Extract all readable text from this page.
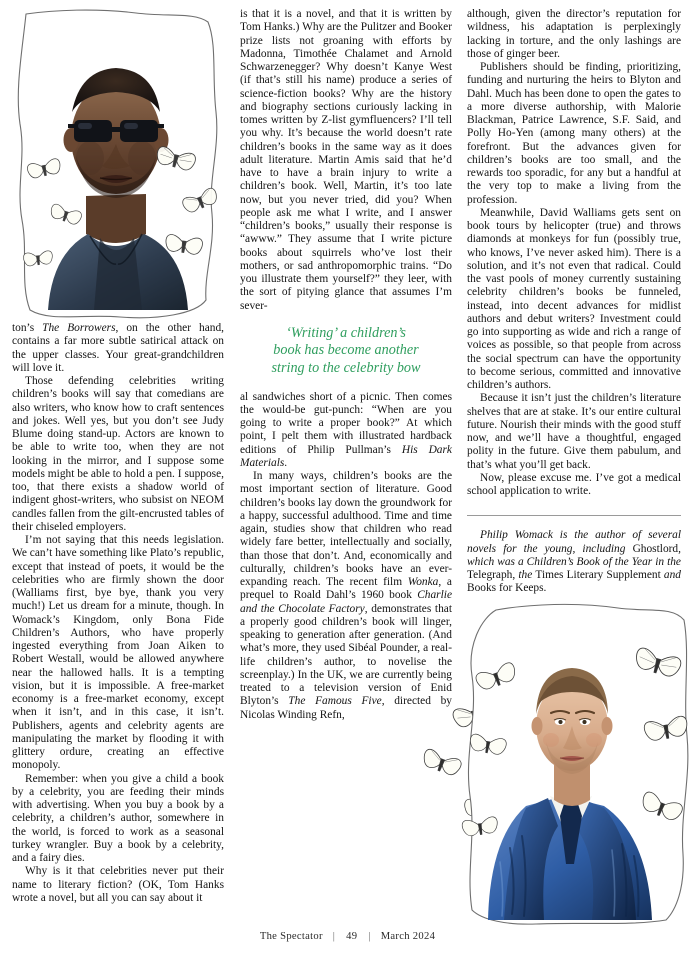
ton’s The Borrowers, on the other hand, contains a far more subtle satirical attack on the upper classes. Your great-grandchildren will love it.

Those defending celebrities writing children’s books will say that comedians are also writers, who know how to craft sentences and jokes. Well yes, but you don’t see Judy Blume doing stand-up. Actors are known to be able to write too, when they are not looking in the mirror, and I suppose some models might be able to hold a pen. I suppose, too, that there exists a shadow world of indigent ghost-writers, who subsist on NEOM candles fallen from the gilt-encrusted tables of their chiseled employers.

I’m not saying that this needs legislation. We can’t have something like Plato’s republic, except that instead of poets, it would be the celebrities who are firmly shown the door (Walliams first, bye bye, thank you very much!) Let us dream for a minute, though. In Womack’s Kingdom, only Bona Fide Children’s Authors, who have properly ingested everything from Joan Aiken to Robert Westall, would be allowed anywhere near the hallowed halls. It is a tempting vision, but it is impossible. A free-market economy is a free-market economy, except when it isn’t, and in this case, it isn’t. Publishers, agents and celebrity agents are manipulating the market by flooding it with glittery ordure, creating an effective monopoly.

Remember: when you give a child a book by a celebrity, you are feeding their minds with advertising. When you buy a book by a celebrity, a children’s author, somewhere in the world, is forced to work as a seasonal turkey wrangler. Buy a book by a celebrity, and a fairy dies.

Why is it that celebrities never put their name to literary fiction? (OK, Tom Hanks wrote a novel, but all you can say about it

is that it is a novel, and that it is written by Tom Hanks.) Why are the Pulitzer and Booker prize lists not groaning with efforts by Madonna, Timothée Chalamet and Arnold Schwarzenegger? Why doesn’t Kanye West (if that’s still his name) produce a series of science-fiction books? Why are the history and biography sections curiously lacking in tomes written by Z-list gymfluencers? I’ll tell you why. It’s because the world doesn’t rate children’s books in the same way as it does adult literature. Martin Amis said that he’d have to have a brain injury to write a children’s book. Well, Martin, it’s too late now, but you never tried, did you? When people ask me what I write, and I answer “children’s books,” usually their response is “awww.” They assume that I write picture books about squirrels who’ve lost their mothers, or sad anthropomorphic trains. “Do you illustrate them yourself?” they leer, with the sort of pitying glance that assumes I’m sever-

‘Writing’ a children’s
book has become another
string to the celebrity bow

al sandwiches short of a picnic. Then comes the would-be gut-punch: “When are you going to write a proper book?” At which point, I pelt them with illustrated hardback editions of Philip Pullman’s His Dark Materials.

In many ways, children’s books are the most important section of literature. Good children’s books lay down the groundwork for a happy, successful adulthood. Time and time again, studies show that children who read widely fare better, intellectually and socially, than those that don’t. And, economically and culturally, children’s books have an ever-expanding reach. The recent film Wonka, a prequel to Roald Dahl’s 1960 book Charlie and the Chocolate Factory, demonstrates that a properly good children’s book will linger, speaking to generation after generation. (And what’s more, they used Sibéal Pounder, a real-life children’s author, to novelise the screenplay.) In the UK, we are currently being treated to a television version of Enid Blyton’s The Famous Five, directed by Nicolas Winding Refn,

although, given the director’s reputation for wildness, his adaptation is perplexingly lacking in torture, and the only lashings are those of ginger beer.

Publishers should be finding, prioritizing, funding and nurturing the heirs to Blyton and Dahl. Much has been done to open the gates to a more diverse authorship, with Malorie Blackman, Patrice Lawrence, S.F. Said, and Polly Ho-Yen (among many others) at the forefront. But the advances given for children’s books are too small, and the rewards too sporadic, for any but a handful at the very top to make a living from the profession.

Meanwhile, David Walliams gets sent on book tours by helicopter (true) and throws diamonds at monkeys for fun (possibly true, who knows, I’ve never asked him). There is a solution, and it’s not even that radical. Could the vast pools of money currently sustaining celebrity children’s books be funneled, instead, into decent advances for midlist authors and debut writers? Investment could go into supporting as wide and rich a range of voices as possible, so that people from across the social spectrum can have the opportunity to become serious, committed and innovative children’s authors.

Because it isn’t just the children’s literature shelves that are at stake. It’s our entire cultural future. Nourish their minds with the good stuff now, and we’ll have a thoughtful, engaged polity in the future. Give them pabulum, and that’s what you’ll get back.

Now, please excuse me. I’ve got a medical school application to write.

Philip Womack is the author of several novels for the young, including Ghostlord, which was a Children’s Book of the Year in the Telegraph, the Times Literary Supplement and Books for Keeps.

The Spectator | 49 | March 2024
